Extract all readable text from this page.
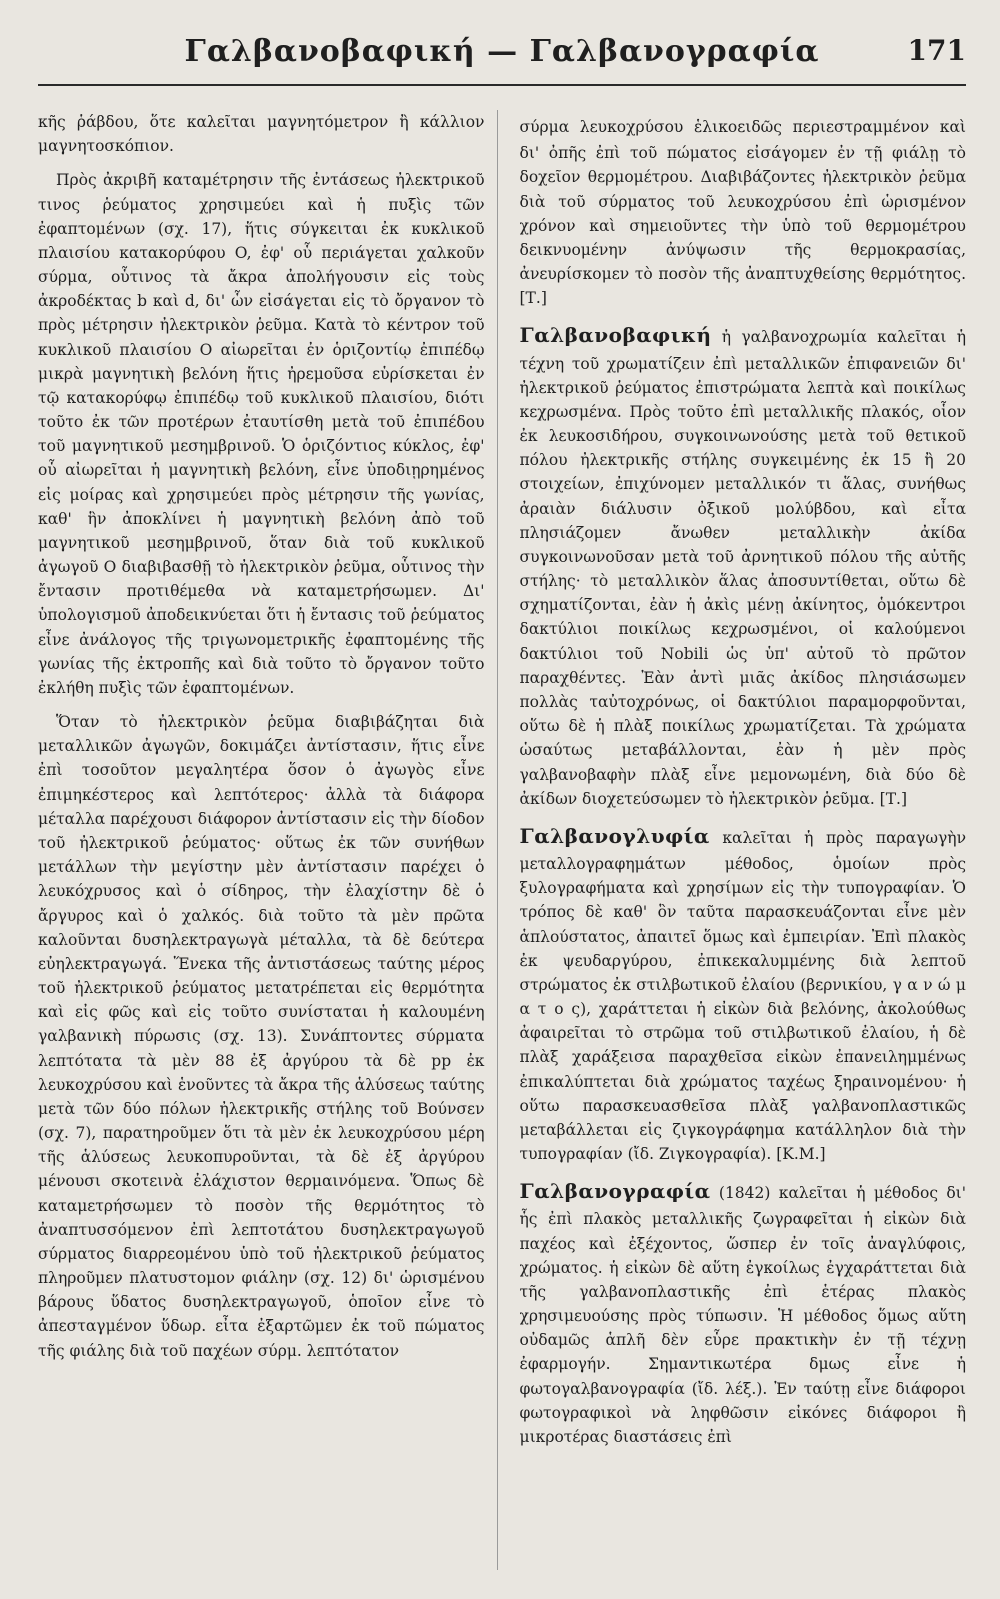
Γαλβανοβαφική — Γαλβανογραφία	171

κῆς ῥάβδου, ὅτε καλεῖται μαγνητόμετρον ἢ κάλλιον μαγνητοσκόπιον.

Πρὸς ἀκριβῆ καταμέτρησιν τῆς ἐντάσεως ἠλεκτρικοῦ τινος ῥεύματος χρησιμεύει καὶ ἡ πυξὶς τῶν ἐφαπτομένων (σχ. 17), ἥτις σύγκειται ἐκ κυκλικοῦ πλαισίου κατακορύφου O, ἐφ' οὗ περιάγεται χαλκοῦν σύρμα, οὗτινος τὰ ἄκρα ἀπολήγουσιν εἰς τοὺς ἀκροδέκτας b καὶ d, δι' ὧν εἰσάγεται εἰς τὸ ὄργανον τὸ πρὸς μέτρησιν ἠλεκτρικὸν ῥεῦμα. Κατὰ τὸ κέντρον τοῦ κυκλικοῦ πλαισίου O αἰωρεῖται ἐν ὁριζοντίῳ ἐπιπέδῳ μικρὰ μαγνητικὴ βελόνη ἥτις ἠρεμοῦσα εὑρίσκεται ἐν τῷ κατακορύφῳ ἐπιπέδῳ τοῦ κυκλικοῦ πλαισίου, διότι τοῦτο ἐκ τῶν προτέρων ἐταυτίσθη μετὰ τοῦ ἐπιπέδου τοῦ μαγνητικοῦ μεσημβρινοῦ. Ὁ ὁριζόντιος κύκλος, ἐφ' οὗ αἰωρεῖται ἡ μαγνητικὴ βελόνη, εἶνε ὑποδιῃρημένος εἰς μοίρας καὶ χρησιμεύει πρὸς μέτρησιν τῆς γωνίας, καθ' ἣν ἀποκλίνει ἡ μαγνητικὴ βελόνη ἀπὸ τοῦ μαγνητικοῦ μεσημβρινοῦ, ὅταν διὰ τοῦ κυκλικοῦ ἀγωγοῦ O διαβιβασθῇ τὸ ἠλεκτρικὸν ῥεῦμα, οὗτινος τὴν ἔντασιν προτιθέμεθα νὰ καταμετρήσωμεν. Δι' ὑπολογισμοῦ ἀποδεικνύεται ὅτι ἡ ἔντασις τοῦ ῥεύματος εἶνε ἀνάλογος τῆς τριγωνομετρικῆς ἐφαπτομένης τῆς γωνίας τῆς ἐκτροπῆς καὶ διὰ τοῦτο τὸ ὄργανον τοῦτο ἐκλήθη πυξὶς τῶν ἐφαπτομένων.

Ὅταν τὸ ἠλεκτρικὸν ῥεῦμα διαβιβάζηται διὰ μεταλλικῶν ἀγωγῶν, δοκιμάζει ἀντίστασιν, ἥτις εἶνε ἐπὶ τοσοῦτον μεγαλητέρα ὅσον ὁ ἀγωγὸς εἶνε ἐπιμηκέστερος καὶ λεπτότερος· ἀλλὰ τὰ διάφορα μέταλλα παρέχουσι διάφορον ἀντίστασιν εἰς τὴν δίοδον τοῦ ἠλεκτρικοῦ ῥεύματος· οὕτως ἐκ τῶν συνήθων μετάλλων τὴν μεγίστην μὲν ἀντίστασιν παρέχει ὁ λευκόχρυσος καὶ ὁ σίδηρος, τὴν ἐλαχίστην δὲ ὁ ἄργυρος καὶ ὁ χαλκός. διὰ τοῦτο τὰ μὲν πρῶτα καλοῦνται δυσηλεκτραγωγὰ μέταλλα, τὰ δὲ δεύτερα εὐηλεκτραγωγά. Ἕνεκα τῆς ἀντιστάσεως ταύτης μέρος τοῦ ἠλεκτρικοῦ ῥεύματος μετατρέπεται εἰς θερμότητα καὶ εἰς φῶς καὶ εἰς τοῦτο συνίσταται ἡ καλουμένη γαλβανικὴ πύρωσις (σχ. 13). Συνάπτοντες σύρματα λεπτότατα τὰ μὲν 88 ἐξ ἀργύρου τὰ δὲ pp ἐκ λευκοχρύσου καὶ ἑνοῦντες τὰ ἄκρα τῆς ἁλύσεως ταύτης μετὰ τῶν δύο πόλων ἠλεκτρικῆς στήλης τοῦ Βούνσεν (σχ. 7), παρατηροῦμεν ὅτι τὰ μὲν ἐκ λευκοχρύσου μέρη τῆς ἁλύσεως λευκοπυροῦνται, τὰ δὲ ἐξ ἀργύρου μένουσι σκοτεινὰ ἐλάχιστον θερμαινόμενα. Ὅπως δὲ καταμετρήσωμεν τὸ ποσὸν τῆς θερμότητος τὸ ἀναπτυσσόμενον ἐπὶ λεπτοτάτου δυσηλεκτραγωγοῦ σύρματος διαρρεομένου ὑπὸ τοῦ ἠλεκτρικοῦ ῥεύματος πληροῦμεν πλατυστομον φιάλην (σχ. 12) δι' ὡρισμένου βάρους ὕδατος δυσηλεκτραγωγοῦ, ὁποῖον εἶνε τὸ ἀπεσταγμένον ὕδωρ. εἶτα ἐξαρτῶμεν ἐκ τοῦ πώματος τῆς φιάλης διὰ τοῦ παχέων σύρμ. λεπτότατον

σύρμα λευκοχρύσου ἑλικοειδῶς περιεστραμμένον καὶ δι' ὀπῆς ἐπὶ τοῦ πώματος εἰσάγομεν ἐν τῇ φιάλῃ τὸ δοχεῖον θερμομέτρου. Διαβιβάζοντες ἠλεκτρικὸν ῥεῦμα διὰ τοῦ σύρματος τοῦ λευκοχρύσου ἐπὶ ὡρισμένον χρόνον καὶ σημειοῦντες τὴν ὑπὸ τοῦ θερμομέτρου δεικνυομένην ἀνύψωσιν τῆς θερμοκρασίας, ἀνευρίσκομεν τὸ ποσὸν τῆς ἀναπτυχθείσης θερμότητος. [Τ.]

Γαλβανοβαφική ἡ γαλβανοχρωμία καλεῖται ἡ τέχνη τοῦ χρωματίζειν ἐπὶ μεταλλικῶν ἐπιφανειῶν δι' ἠλεκτρικοῦ ῥεύματος ἐπιστρώματα λεπτὰ καὶ ποικίλως κεχρωσμένα. Πρὸς τοῦτο ἐπὶ μεταλλικῆς πλακός, οἷον ἐκ λευκοσιδήρου, συγκοινωνούσης μετὰ τοῦ θετικοῦ πόλου ἠλεκτρικῆς στήλης συγκειμένης ἐκ 15 ἢ 20 στοιχείων, ἐπιχύνομεν μεταλλικόν τι ἅλας, συνήθως ἀραιὰν διάλυσιν ὀξικοῦ μολύβδου, καὶ εἶτα πλησιάζομεν ἄνωθεν μεταλλικὴν ἀκίδα συγκοινωνοῦσαν μετὰ τοῦ ἀρνητικοῦ πόλου τῆς αὐτῆς στήλης· τὸ μεταλλικὸν ἅλας ἀποσυντίθεται, οὕτω δὲ σχηματίζονται, ἐὰν ἡ ἀκὶς μένῃ ἀκίνητος, ὁμόκεντροι δακτύλιοι ποικίλως κεχρωσμένοι, οἱ καλούμενοι δακτύλιοι τοῦ Nobili ὡς ὑπ' αὐτοῦ τὸ πρῶτον παραχθέντες. Ἐὰν ἀντὶ μιᾶς ἀκίδος πλησιάσωμεν πολλὰς ταὐτοχρόνως, οἱ δακτύλιοι παραμορφοῦνται, οὕτω δὲ ἡ πλὰξ ποικίλως χρωματίζεται. Τὰ χρώματα ὡσαύτως μεταβάλλονται, ἐὰν ἡ μὲν πρὸς γαλβανοβαφὴν πλὰξ εἶνε μεμονωμένη, διὰ δύο δὲ ἀκίδων διοχετεύσωμεν τὸ ἠλεκτρικὸν ῥεῦμα. [Τ.]

Γαλβανογλυφία καλεῖται ἡ πρὸς παραγωγὴν μεταλλογραφημάτων μέθοδος, ὁμοίων πρὸς ξυλογραφήματα καὶ χρησίμων εἰς τὴν τυπογραφίαν. Ὁ τρόπος δὲ καθ' ὃν ταῦτα παρασκευάζονται εἶνε μὲν ἁπλούστατος, ἀπαιτεῖ ὅμως καὶ ἐμπειρίαν. Ἐπὶ πλακὸς ἐκ ψευδαργύρου, ἐπικεκαλυμμένης διὰ λεπτοῦ στρώματος ἐκ στιλβωτικοῦ ἐλαίου (βερνικίου, γ α ν ώ μ α τ ο ς), χαράττεται ἡ εἰκὼν διὰ βελόνης, ἀκολούθως ἀφαιρεῖται τὸ στρῶμα τοῦ στιλβωτικοῦ ἐλαίου, ἡ δὲ πλὰξ χαράξεισα παραχθεῖσα εἰκὼν ἐπανειλημμένως ἐπικαλύπτεται διὰ χρώματος ταχέως ξηραινομένου· ἡ οὕτω παρασκευασθεῖσα πλὰξ γαλβανοπλαστικῶς μεταβάλλεται εἰς ζιγκογράφημα κατάλληλον διὰ τὴν τυπογραφίαν (ἴδ. Ζιγκογραφία). [Κ.Μ.]

Γαλβανογραφία (1842) καλεῖται ἡ μέθοδος δι' ἧς ἐπὶ πλακὸς μεταλλικῆς ζωγραφεῖται ἡ εἰκὼν διὰ παχέος καὶ ἐξέχοντος, ὥσπερ ἐν τοῖς ἀναγλύφοις, χρώματος. ἡ εἰκὼν δὲ αὕτη ἐγκοίλως ἐγχαράττεται διὰ τῆς γαλβανοπλαστικῆς ἐπὶ ἑτέρας πλακὸς χρησιμευούσης πρὸς τύπωσιν. Ἡ μέθοδος ὅμως αὕτη οὐδαμῶς ἁπλῆ δὲν εὗρε πρακτικὴν ἐν τῇ τέχνῃ ἐφαρμογήν. Σημαντικωτέρα δμως εἶνε ἡ φωτογαλβανογραφία (ἴδ. λέξ.). Ἐν ταύτῃ εἶνε διάφοροι φωτογραφικοὶ νὰ ληφθῶσιν εἰκόνες διάφοροι ἢ μικροτέρας διαστάσεις ἐπὶ
